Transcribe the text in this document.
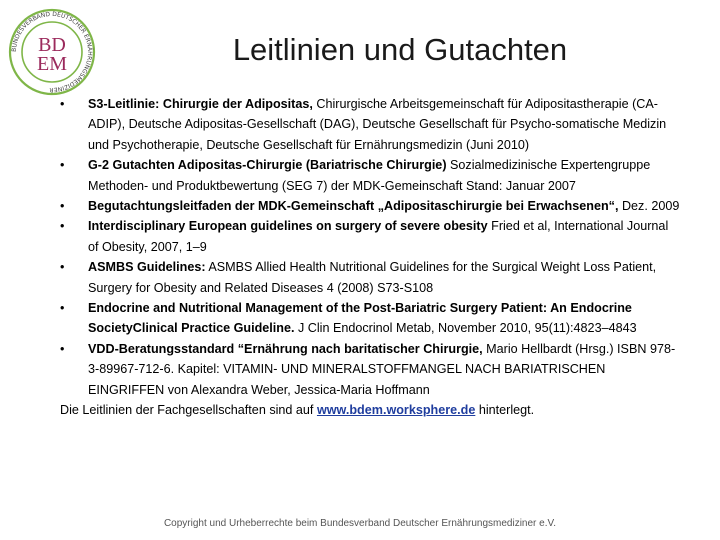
BUNDESVERBAND DEUTSCHER ERNÄHRUNGSMEDIZINER
BD
EM	Leitlinien und Gutachten
•	S3-Leitlinie: Chirurgie der Adipositas, Chirurgische Arbeitsgemeinschaft für Adipositastherapie (CA-ADIP), Deutsche Adipositas-Gesellschaft (DAG), Deutsche Gesellschaft für Psycho-somatische Medizin und Psychotherapie, Deutsche Gesellschaft für Ernährungsmedizin (Juni 2010)
•	G-2 Gutachten Adipositas-Chirurgie (Bariatrische Chirurgie) Sozialmedizinische Expertengruppe Methoden- und Produktbewertung (SEG 7) der MDK-Gemeinschaft Stand: Januar 2007
•	Begutachtungsleitfaden der MDK-Gemeinschaft „Adipositaschirurgie bei Erwachsenen“, Dez. 2009
•	Interdisciplinary European guidelines on surgery of severe obesity Fried et al, International Journal of Obesity, 2007, 1–9
•	ASMBS Guidelines: ASMBS Allied Health Nutritional Guidelines for the Surgical Weight Loss Patient, Surgery for Obesity and Related Diseases 4 (2008) S73-S108
•	Endocrine and Nutritional Management of the Post-Bariatric Surgery Patient: An Endocrine SocietyClinical Practice Guideline. J Clin Endocrinol Metab, November 2010, 95(11):4823–4843
•	VDD-Beratungsstandard “Ernährung nach baritatischer Chirurgie, Mario Hellbardt (Hrsg.) ISBN 978-3-89967-712-6. Kapitel: VITAMIN- UND MINERALSTOFFMANGEL NACH BARIATRISCHEN EINGRIFFEN von Alexandra Weber, Jessica-Maria Hoffmann
Die Leitlinien der Fachgesellschaften sind auf www.bdem.worksphere.de hinterlegt.
Copyright und Urheberrechte beim Bundesverband Deutscher Ernährungsmediziner e.V.
